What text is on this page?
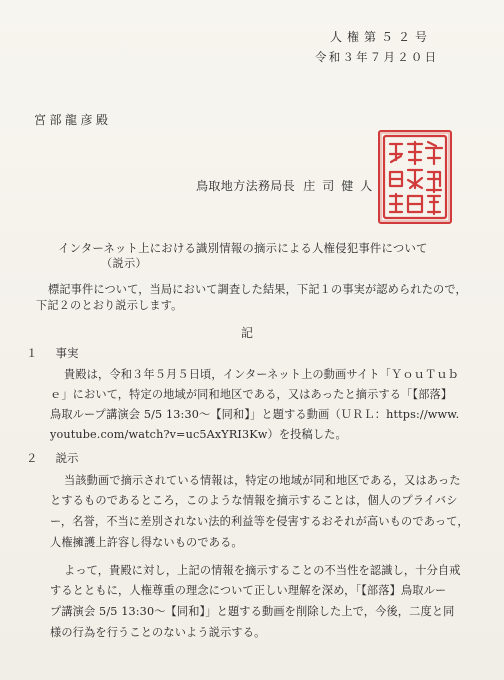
人権第５２号
令和３年７月２０日
宮部龍彦殿
鳥取地方法務局長 庄司健人
インターネット上における識別情報の摘示による人権侵犯事件について
（説示）
標記事件について，当局において調査した結果，下記１の事実が認められたので，
下記２のとおり説示します。
記
１ 事実
貴殿は，令和３年５月５日頃，インターネット上の動画サイト「ＹｏｕＴｕｂ
ｅ」において，特定の地域が同和地区である，又はあったと摘示する「【部落】
鳥取ループ講演会 5/5 13:30～【同和】」と題する動画（ＵＲＬ：https://www.
youtube.com/watch?v=uc5AxYRI3Kw）を投稿した。
２ 説示
当該動画で摘示されている情報は，特定の地域が同和地区である，又はあった
とするものであるところ，このような情報を摘示することは，個人のプライバシ
ー，名誉，不当に差別されない法的利益等を侵害するおそれが高いものであって，
人権擁護上許容し得ないものである。
よって，貴殿に対し，上記の情報を摘示することの不当性を認識し，十分自戒
するとともに，人権尊重の理念について正しい理解を深め，「【部落】鳥取ルー
プ講演会 5/5 13:30～【同和】」と題する動画を削除した上で，今後，二度と同
様の行為を行うことのないよう説示する。
